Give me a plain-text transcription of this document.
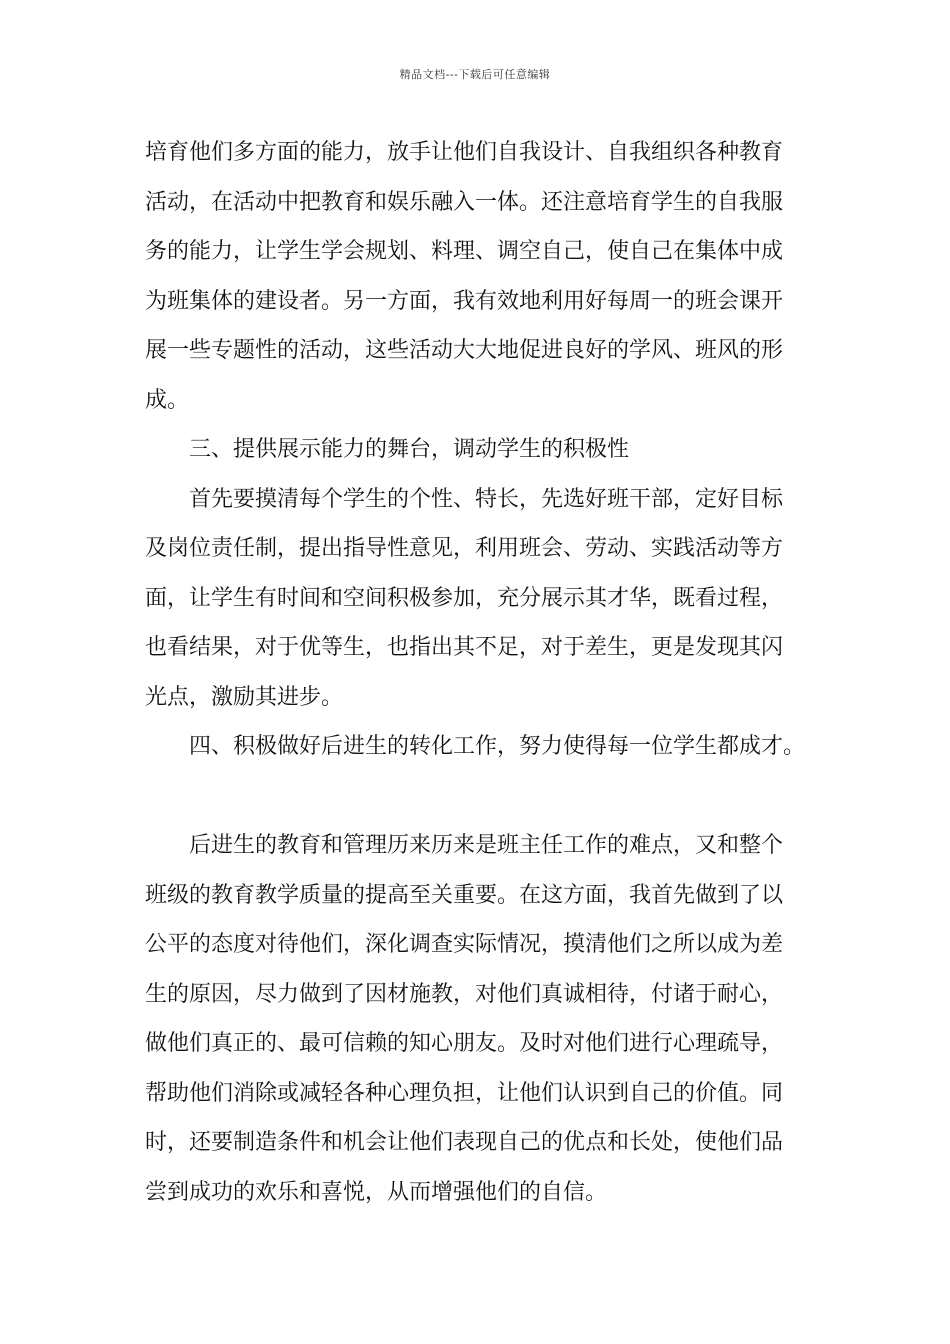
精品文档---下载后可任意编辑
培育他们多方面的能力，放手让他们自我设计、自我组织各种教育
活动，在活动中把教育和娱乐融入一体。还注意培育学生的自我服
务的能力，让学生学会规划、料理、调空自己，使自己在集体中成
为班集体的建设者。另一方面，我有效地利用好每周一的班会课开
展一些专题性的活动，这些活动大大地促进良好的学风、班风的形
成。
三、提供展示能力的舞台，调动学生的积极性
首先要摸清每个学生的个性、特长，先选好班干部，定好目标
及岗位责任制，提出指导性意见，利用班会、劳动、实践活动等方
面，让学生有时间和空间积极参加，充分展示其才华，既看过程，
也看结果，对于优等生，也指出其不足，对于差生，更是发现其闪
光点，激励其进步。
四、积极做好后进生的转化工作，努力使得每一位学生都成才。
后进生的教育和管理历来历来是班主任工作的难点，又和整个
班级的教育教学质量的提高至关重要。在这方面，我首先做到了以
公平的态度对待他们，深化调查实际情况，摸清他们之所以成为差
生的原因，尽力做到了因材施教，对他们真诚相待，付诸于耐心，
做他们真正的、最可信赖的知心朋友。及时对他们进行心理疏导，
帮助他们消除或减轻各种心理负担，让他们认识到自己的价值。同
时，还要制造条件和机会让他们表现自己的优点和长处，使他们品
尝到成功的欢乐和喜悦，从而增强他们的自信。
